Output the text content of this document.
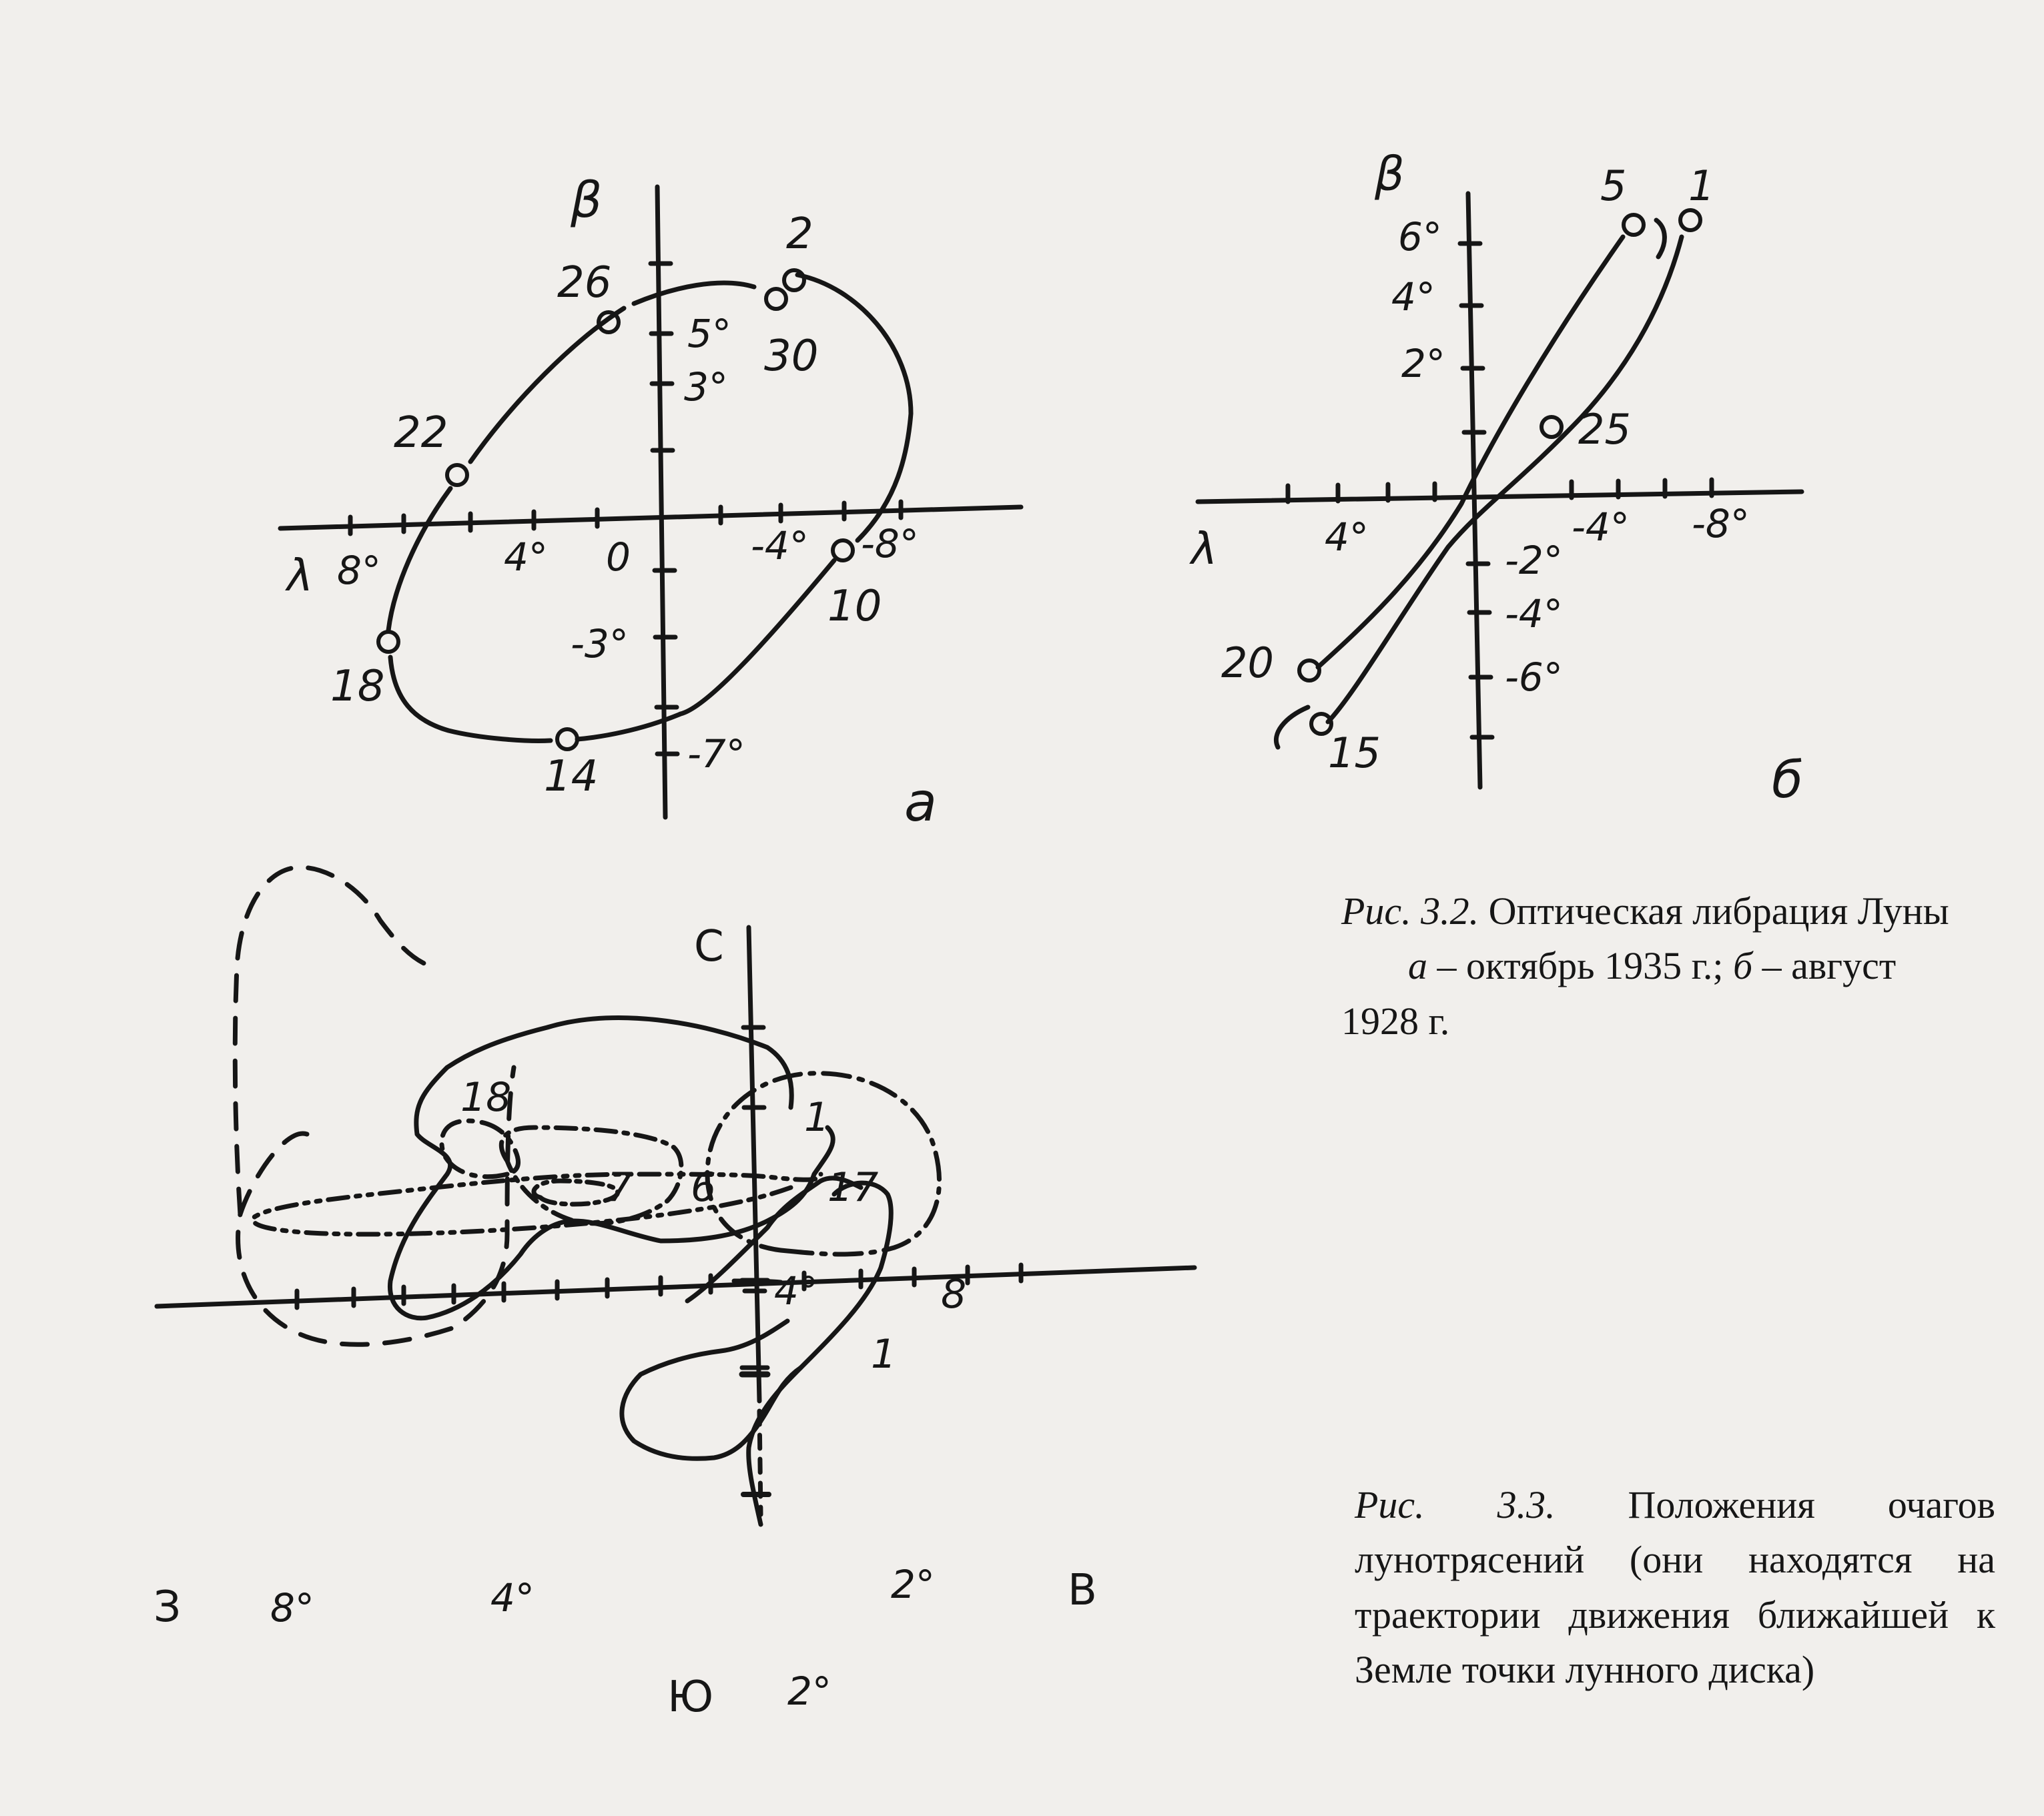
β
λ
а
5°
3°
-3°
-7°
8°	4° 0	-4° -8°
2
26
30
22
10
18
14
β
λ
б
6°
4°
2°
-2°
-4°
-6°
4°	-4° -8°
5 1
25
20
15
С
Ю
З	В
4°
8°	4°	2°
2°
18	1
7 6	17
8
1
Рис. 3.2. Оптическая либрация Луны
а – октябрь 1935 г.; б – август 1928 г.
Рис. 3.3. Положения очагов лунотрясений (они находятся на траектории движения ближайшей к Земле точки лунного диска)
